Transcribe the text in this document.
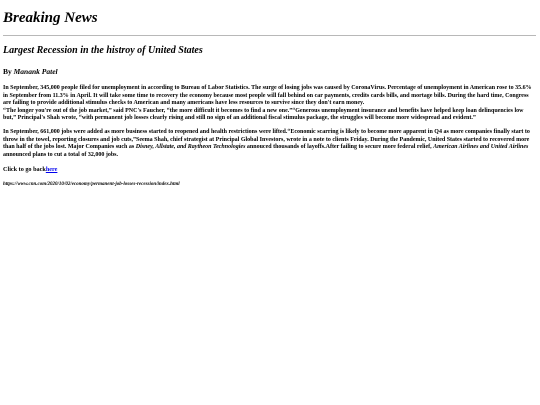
Breaking News
Largest Recession in the histroy of United States
By Manank Patel

In September, 345,000 people filed for unemployment in according to Bureau of Labor Statistics. The surge of losing jobs was caused by CoronaVirus. Percentage of unemployment in American rose to 35.6% in September from 11.3% in April. It will take some time to recovery the economy because most people will fall behind on car payments, credits cards bills, and mortage bills. During the hard time, Congress are failing to provide additional stimulus checks to American and many americans have less resources to survive since they don't earn money.

“The longer you're out of the job market,” said PNC's Faucher, “the more difficult it becomes to find a new one.”“Generous unemployment insurance and benefits have helped keep loan delinquencies low but,” Principal's Shah wrote, “with permanent job losses clearly rising and still no sign of an additional fiscal stimulus package, the struggles will become more widespread and evident.”

In September, 661,000 jobs were added as more business started to reopened and health restrictions were lifted.“Economic scarring is likely to become more apparent in Q4 as more companies finally start to throw in the towel, reporting closures and job cuts,”Seema Shah, chief strategist at Principal Global Investors, wrote in a note to clients Friday. During the Pandemic, United States started to recovered more than half of the jobs lost. Major Companies such as Disney, Allstate, and Raytheon Technologies annouced thousands of layoffs.After failing to secure more federal relief, American Airlines and United Airlines announced plans to cut a total of 32,000 jobs.

Click to go backhere
https://www.cnn.com/2020/10/02/economy/permanent-job-losses-recession/index.html
